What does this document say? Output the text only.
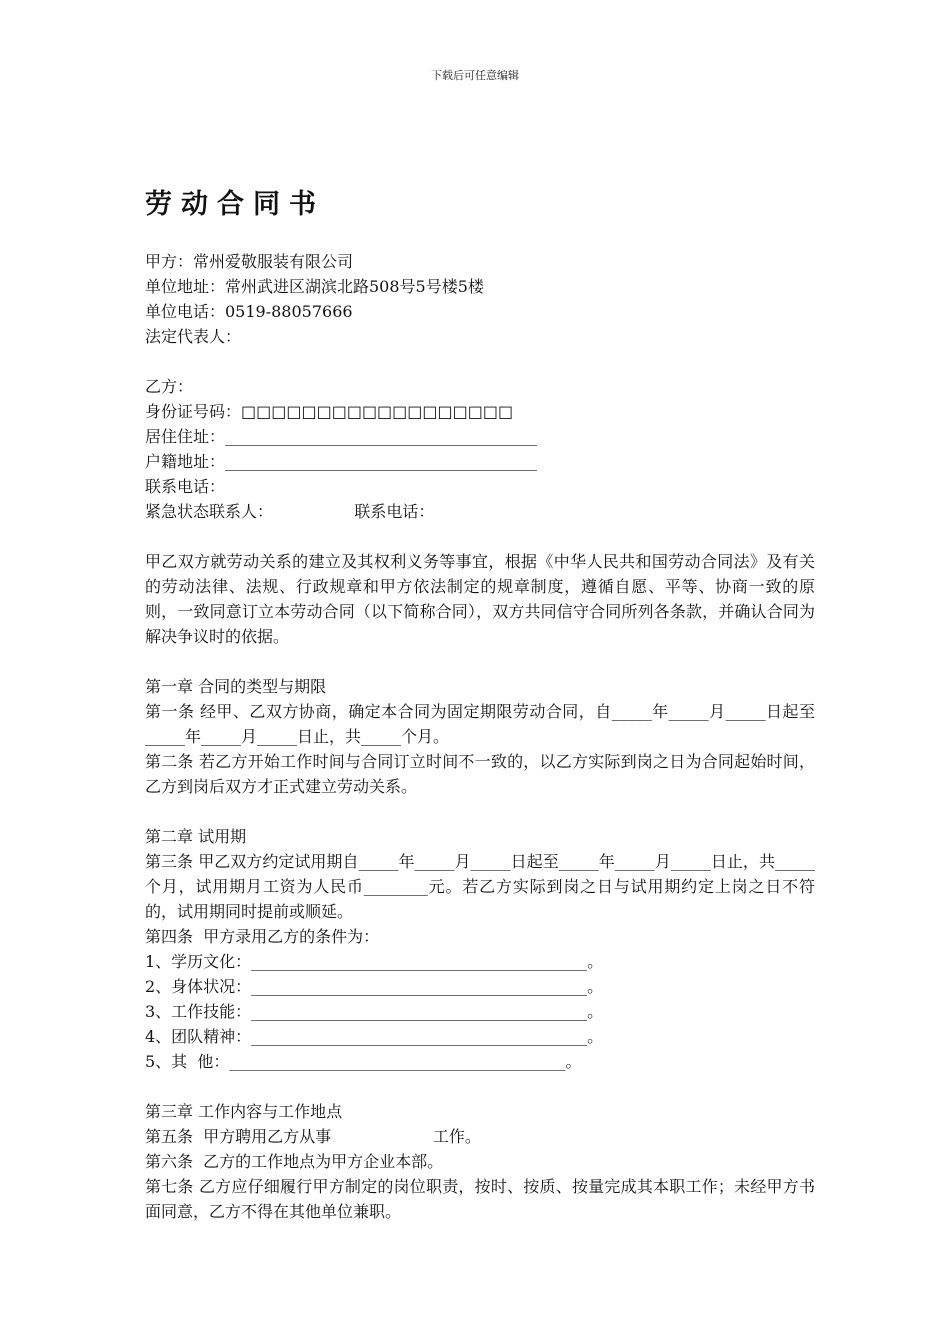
下载后可任意编辑
劳动合同书
甲方：常州爱敬服装有限公司
单位地址：常州武进区湖滨北路508号5号楼5楼
单位电话：0519-88057666
法定代表人：
乙方：
身份证号码：□□□□□□□□□□□□□□□□□□
居住住址：_______________________________________
户籍地址：_______________________________________
联系电话：
紧急状态联系人：                联系电话：
甲乙双方就劳动关系的建立及其权利义务等事宜，根据《中华人民共和国劳动合同法》及有关的劳动法律、法规、行政规章和甲方依法制定的规章制度，遵循自愿、平等、协商一致的原则，一致同意订立本劳动合同（以下简称合同），双方共同信守合同所列各条款，并确认合同为解决争议时的依据。
第一章 合同的类型与期限
第一条 经甲、乙双方协商，确定本合同为固定期限劳动合同，自_____年_____月_____日起至_____年_____月_____日止，共_____个月。
第二条 若乙方开始工作时间与合同订立时间不一致的，以乙方实际到岗之日为合同起始时间，乙方到岗后双方才正式建立劳动关系。
第二章 试用期
第三条 甲乙双方约定试用期自_____年_____月_____日起至_____年_____月_____日止，共_____个月，试用期月工资为人民币________元。若乙方实际到岗之日与试用期约定上岗之日不符的，试用期同时提前或顺延。
第四条  甲方录用乙方的条件为：
1、学历文化：__________________________________________。
2、身体状况：__________________________________________。
3、工作技能：__________________________________________。
4、团队精神：__________________________________________。
5、其  他：__________________________________________。
第三章 工作内容与工作地点
第五条  甲方聘用乙方从事                    工作。
第六条  乙方的工作地点为甲方企业本部。
第七条 乙方应仔细履行甲方制定的岗位职责，按时、按质、按量完成其本职工作；未经甲方书面同意，乙方不得在其他单位兼职。
